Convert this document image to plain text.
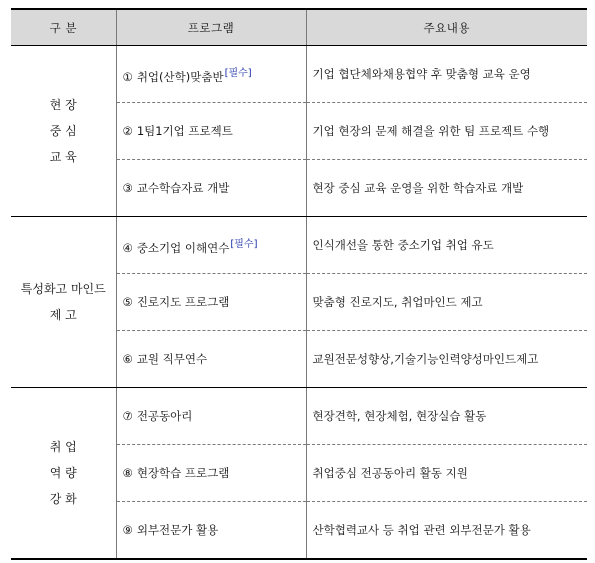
구 분	프로그램	주요내용

현 장
중 심
교 육	① 취업(산학)맞춤반[필수]	기업 협단체와채용협약 후 맞춤형 교육 운영
	② 1팀1기업 프로젝트	기업 현장의 문제 해결을 위한 팀 프로젝트 수행
	③ 교수학습자료 개발	현장 중심 교육 운영을 위한 학습자료 개발

특성화고 마인드
제 고	④ 중소기업 이해연수[필수]	인식개선을 통한 중소기업 취업 유도
	⑤ 진로지도 프로그램	맞춤형 진로지도, 취업마인드 제고
	⑥ 교원 직무연수	교원전문성향상,기술기능인력양성마인드제고

취 업
역 량
강 화	⑦ 전공동아리	현장견학, 현장체험, 현장실습 활동
	⑧ 현장학습 프로그램	취업중심 전공동아리 활동 지원
	⑨ 외부전문가 활용	산학협력교사 등 취업 관련 외부전문가 활용
